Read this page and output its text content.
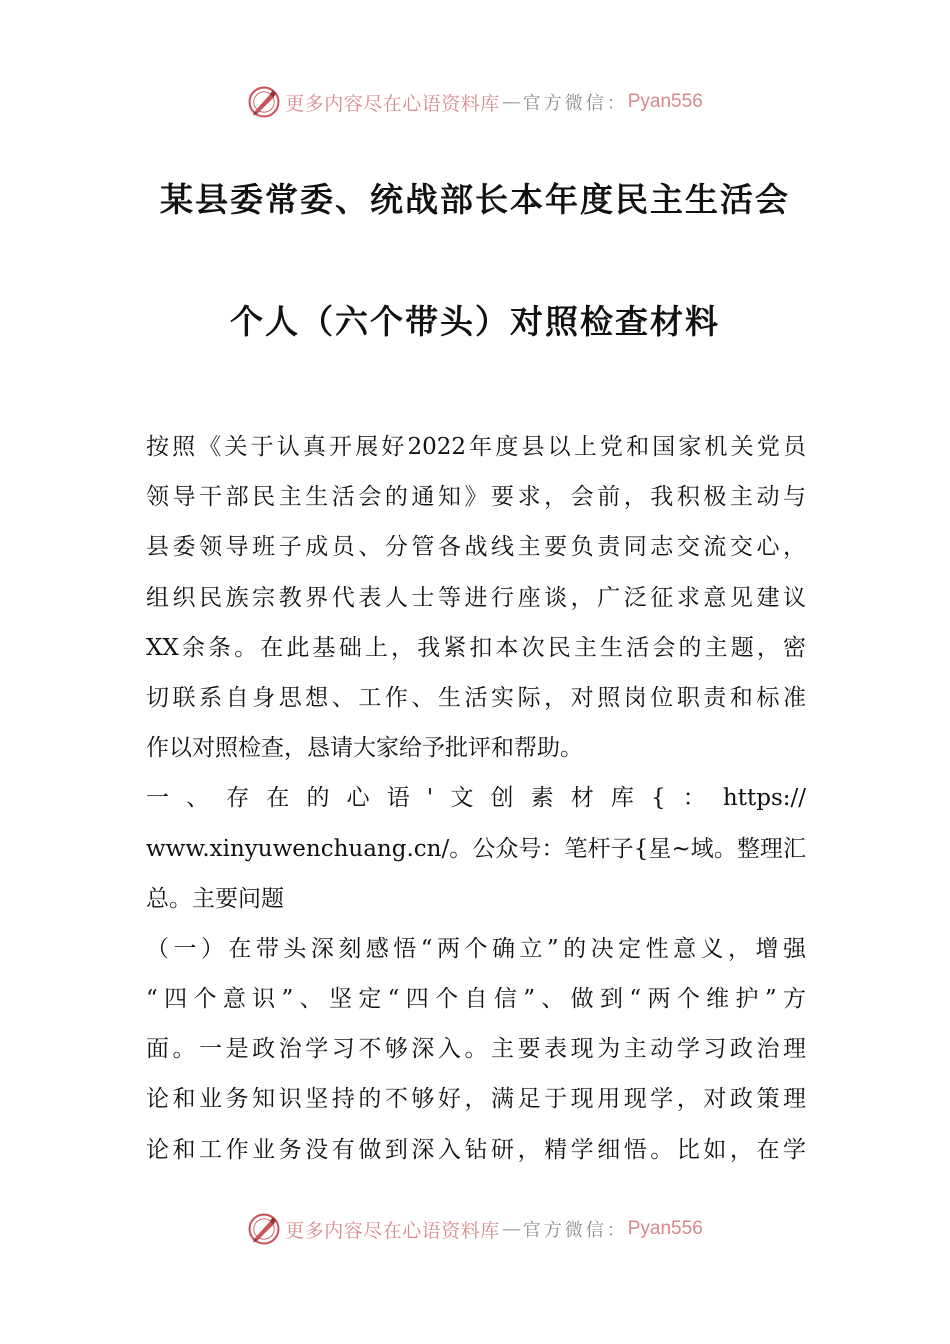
更多内容尽在心语资料库 — 官方微信： Pyan556
某县委常委、统战部长本年度民主生活会
个人（六个带头）对照检查材料
按照《关于认真开展好2022年度县以上党和国家机关党员
领导干部民主生活会的通知》要求，会前，我积极主动与
县委领导班子成员、分管各战线主要负责同志交流交心，
组织民族宗教界代表人士等进行座谈，广泛征求意见建议
XX余条。在此基础上，我紧扣本次民主生活会的主题，密
切联系自身思想、工作、生活实际，对照岗位职责和标准
作以对照检查，恳请大家给予批评和帮助。
一、存在的心语'文创素材库{：https://
www.xinyuwenchuang.cn/。公众号：笔杆子{星~域。整理汇
总。主要问题
（一）在带头深刻感悟“两个确立”的决定性意义，增强
“四个意识”、坚定“四个自信”、做到“两个维护”方
面。一是政治学习不够深入。主要表现为主动学习政治理
论和业务知识坚持的不够好，满足于现用现学，对政策理
论和工作业务没有做到深入钻研，精学细悟。比如，在学
更多内容尽在心语资料库 — 官方微信： Pyan556
